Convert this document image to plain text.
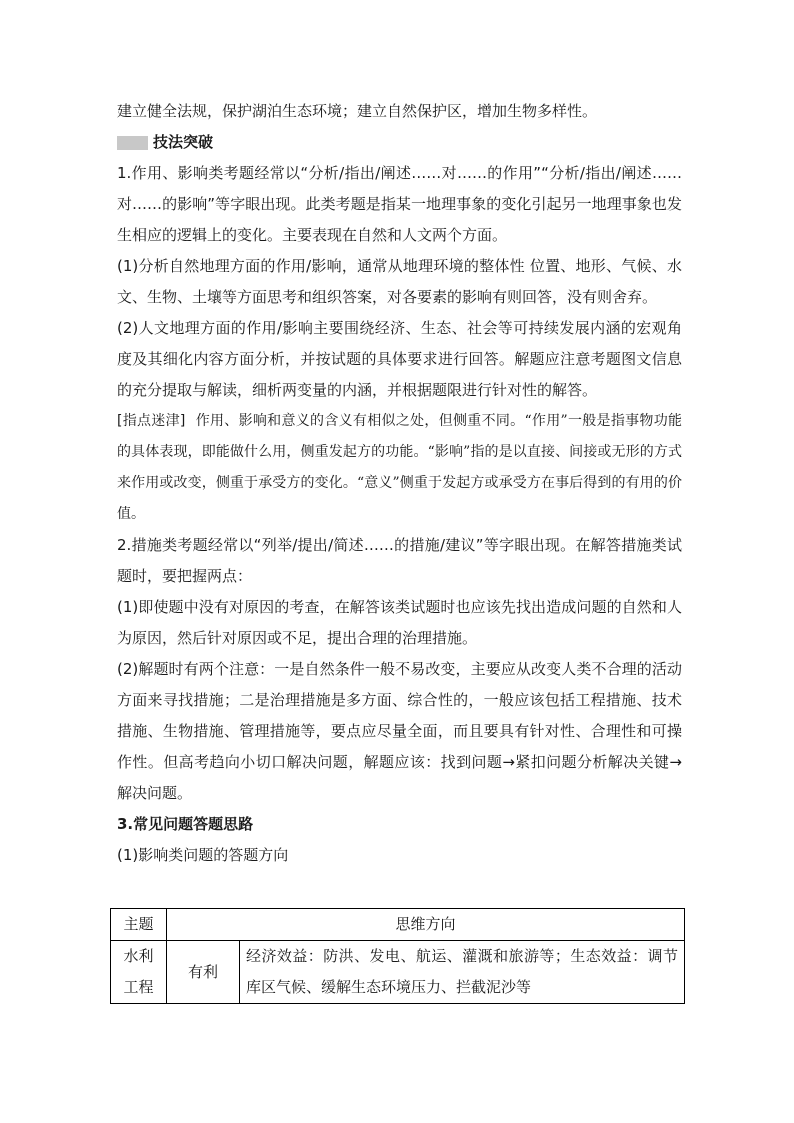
建立健全法规，保护湖泊生态环境；建立自然保护区，增加生物多样性。

技法突破

1.作用、影响类考题经常以“分析/指出/阐述……对……的作用”“分析/指出/阐述……对……的影响”等字眼出现。此类考题是指某一地理事象的变化引起另一地理事象也发生相应的逻辑上的变化。主要表现在自然和人文两个方面。

(1)分析自然地理方面的作用/影响，通常从地理环境的整体性 位置、地形、气候、水文、生物、土壤等方面思考和组织答案，对各要素的影响有则回答，没有则舍弃。

(2)人文地理方面的作用/影响主要围绕经济、生态、社会等可持续发展内涵的宏观角度及其细化内容方面分析，并按试题的具体要求进行回答。解题应注意考题图文信息的充分提取与解读，细析两变量的内涵，并根据题限进行针对性的解答。

[指点迷津] 作用、影响和意义的含义有相似之处，但侧重不同。“作用”一般是指事物功能的具体表现，即能做什么用，侧重发起方的功能。“影响”指的是以直接、间接或无形的方式来作用或改变，侧重于承受方的变化。“意义”侧重于发起方或承受方在事后得到的有用的价值。

2.措施类考题经常以“列举/提出/简述……的措施/建议”等字眼出现。在解答措施类试题时，要把握两点：

(1)即使题中没有对原因的考查，在解答该类试题时也应该先找出造成问题的自然和人为原因，然后针对原因或不足，提出合理的治理措施。

(2)解题时有两个注意：一是自然条件一般不易改变，主要应从改变人类不合理的活动方面来寻找措施；二是治理措施是多方面、综合性的，一般应该包括工程措施、技术措施、生物措施、管理措施等，要点应尽量全面，而且要具有针对性、合理性和可操作性。但高考趋向小切口解决问题，解题应该：找到问题→紧扣问题分析解决关键→解决问题。

3.常见问题答题思路

(1)影响类问题的答题方向

主题	思维方向	

水利
工程	有利	经济效益：防洪、发电、航运、灌溉和旅游等；生态效益：调节库区气候、缓解生态环境压力、拦截泥沙等
